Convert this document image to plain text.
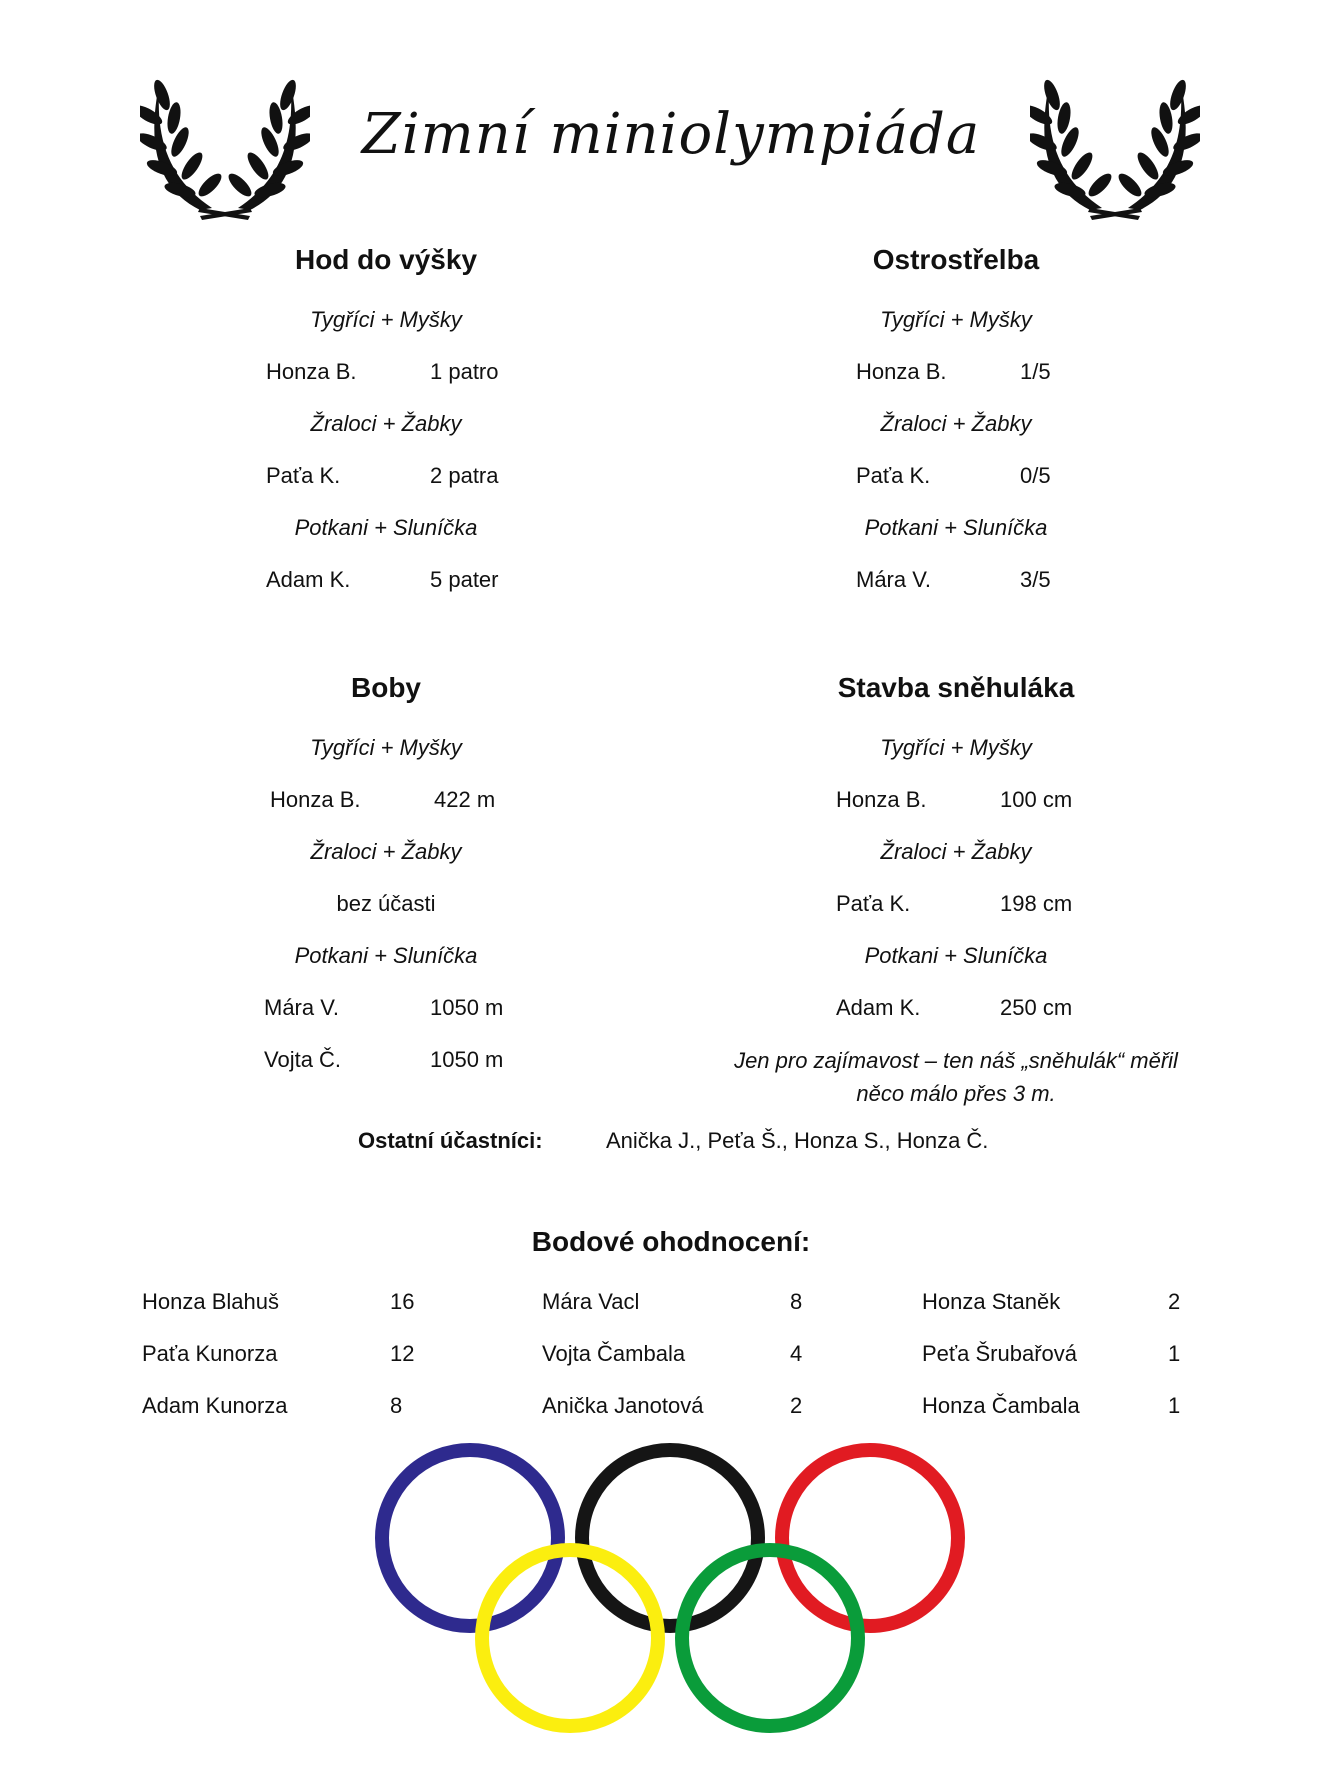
Zimní miniolympiáda
Hod do výšky
Tygříci + Myšky
Honza B.	1 patro
Žraloci + Žabky
Paťa K.	2 patra
Potkani + Sluníčka
Adam K.	5 pater
Ostrostřelba
Tygříci + Myšky
Honza B.	1/5
Žraloci + Žabky
Paťa K.	0/5
Potkani + Sluníčka
Mára V.	3/5
Boby
Tygříci + Myšky
Honza B.	422 m
Žraloci + Žabky
bez účasti
Potkani + Sluníčka
Mára V.	1050 m
Vojta Č.	1050 m
Stavba sněhuláka
Tygříci + Myšky
Honza B.	100 cm
Žraloci + Žabky
Paťa K.	198 cm
Potkani + Sluníčka
Adam K.	250 cm
Jen pro zajímavost – ten náš „sněhulák“ měřil
něco málo přes 3 m.
Ostatní účastníci:	Anička J., Peťa Š., Honza S., Honza Č.
Bodové ohodnocení:
Honza Blahuš	16
Paťa Kunorza	12
Adam Kunorza	8
Mára Vacl	8
Vojta Čambala	4
Anička Janotová	2
Honza Staněk	2
Peťa Šrubařová	1
Honza Čambala	1
